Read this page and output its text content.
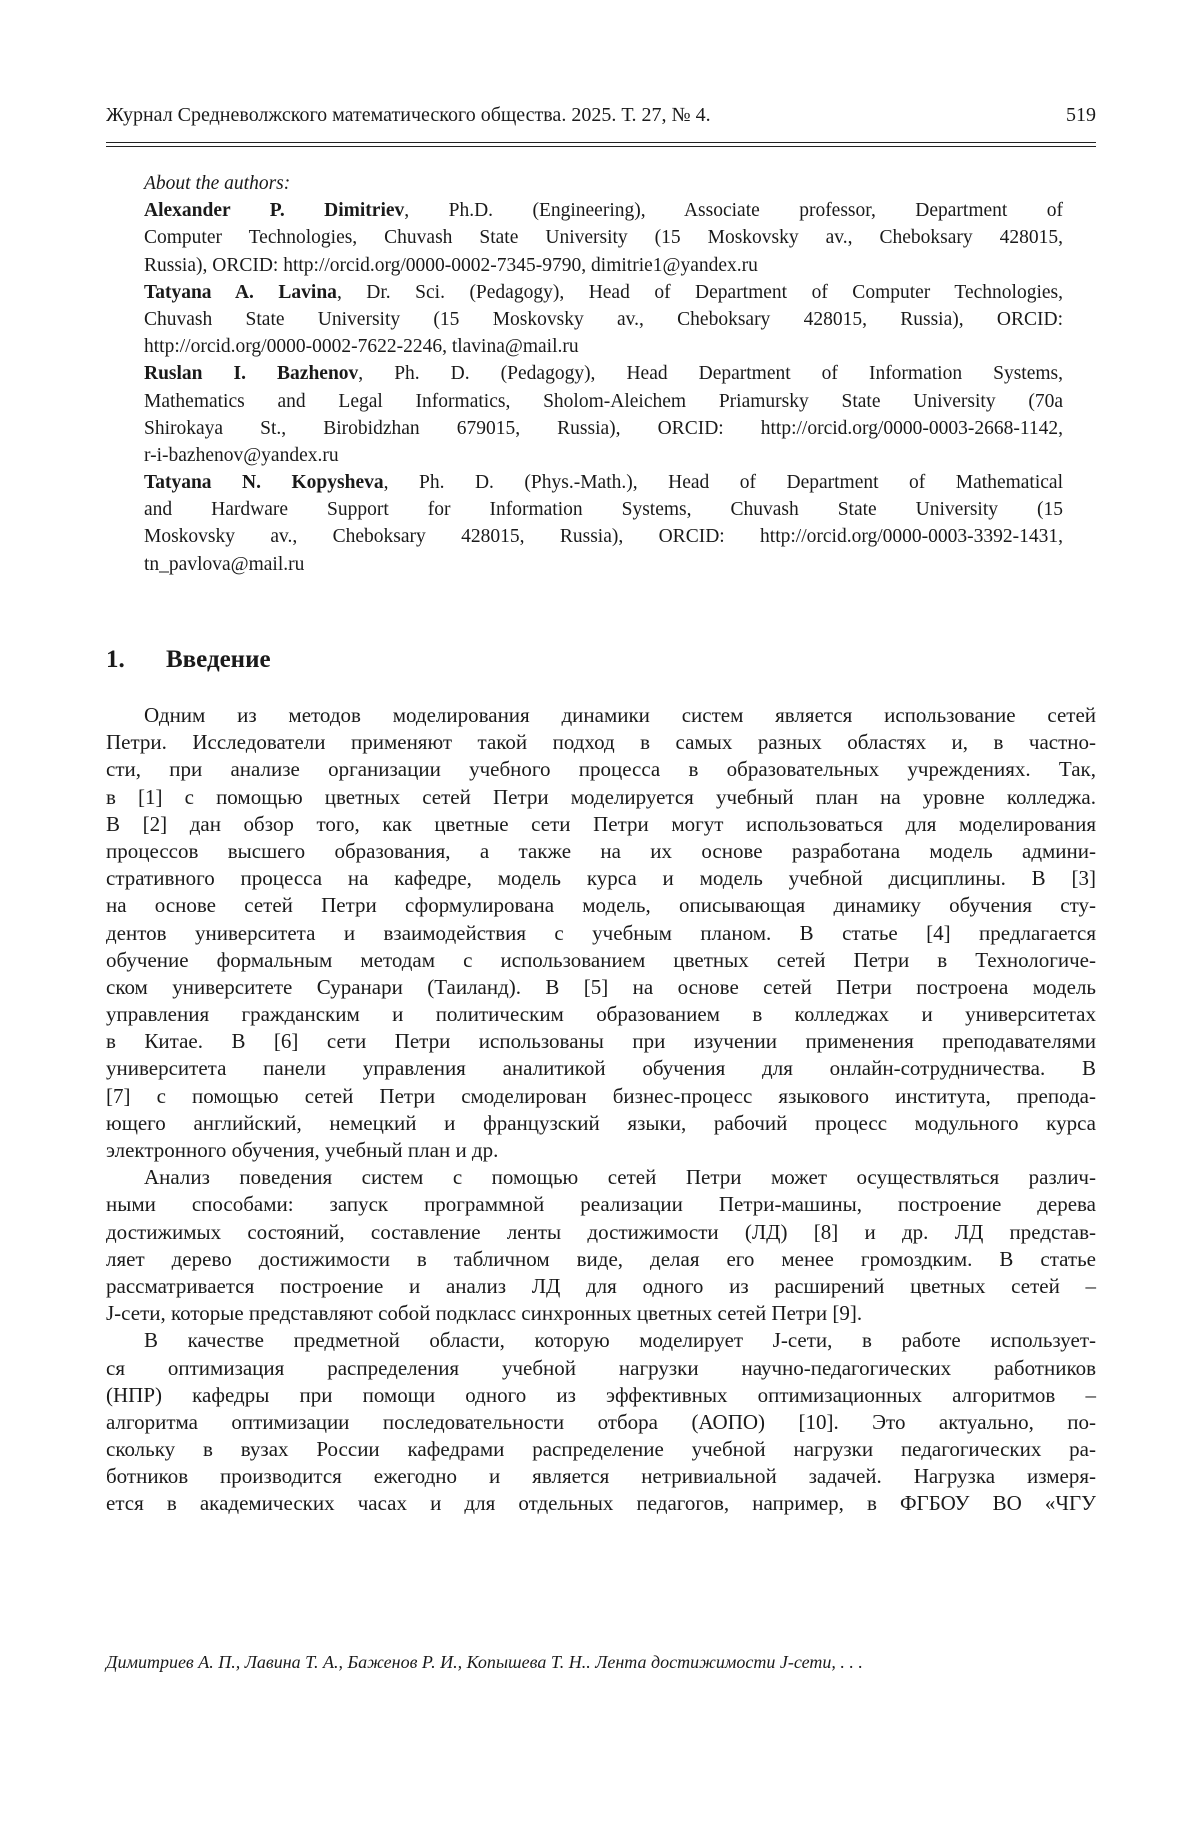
Журнал Средневолжского математического общества. 2025. Т. 27, № 4.	519
About the authors:
Alexander P. Dimitriev, Ph.D. (Engineering), Associate professor, Department of
Computer Technologies, Chuvash State University (15 Moskovsky av., Cheboksary 428015,
Russia), ORCID: http://orcid.org/0000-0002-7345-9790, dimitrie1@yandex.ru
Tatyana A. Lavina, Dr. Sci. (Pedagogy), Head of Department of Computer Technologies,
Chuvash State University (15 Moskovsky av., Cheboksary 428015, Russia), ORCID:
http://orcid.org/0000-0002-7622-2246, tlavina@mail.ru
Ruslan I. Bazhenov, Ph. D. (Pedagogy), Head Department of Information Systems,
Mathematics and Legal Informatics, Sholom-Aleichem Priamursky State University (70a
Shirokaya St., Birobidzhan 679015, Russia), ORCID: http://orcid.org/0000-0003-2668-1142,
r-i-bazhenov@yandex.ru
Tatyana N. Kopysheva, Ph. D. (Phys.-Math.), Head of Department of Mathematical
and Hardware Support for Information Systems, Chuvash State University (15
Moskovsky av., Cheboksary 428015, Russia), ORCID: http://orcid.org/0000-0003-3392-1431,
tn_pavlova@mail.ru
1. Введение
Одним из методов моделирования динамики систем является использование сетей
Петри. Исследователи применяют такой подход в самых разных областях и, в частно-
сти, при анализе организации учебного процесса в образовательных учреждениях. Так,
в [1] с помощью цветных сетей Петри моделируется учебный план на уровне колледжа.
В [2] дан обзор того, как цветные сети Петри могут использоваться для моделирования
процессов высшего образования, а также на их основе разработана модель админи-
стративного процесса на кафедре, модель курса и модель учебной дисциплины. В [3]
на основе сетей Петри сформулирована модель, описывающая динамику обучения сту-
дентов университета и взаимодействия с учебным планом. В статье [4] предлагается
обучение формальным методам с использованием цветных сетей Петри в Технологиче-
ском университете Суранари (Таиланд). В [5] на основе сетей Петри построена модель
управления гражданским и политическим образованием в колледжах и университетах
в Китае. В [6] сети Петри использованы при изучении применения преподавателями
университета панели управления аналитикой обучения для онлайн-сотрудничества. В
[7] с помощью сетей Петри смоделирован бизнес-процесс языкового института, препода-
ющего английский, немецкий и французский языки, рабочий процесс модульного курса
электронного обучения, учебный план и др.
Анализ поведения систем с помощью сетей Петри может осуществляться различ-
ными способами: запуск программной реализации Петри-машины, построение дерева
достижимых состояний, составление ленты достижимости (ЛД) [8] и др. ЛД представ-
ляет дерево достижимости в табличном виде, делая его менее громоздким. В статье
рассматривается построение и анализ ЛД для одного из расширений цветных сетей –
J-сети, которые представляют собой подкласс синхронных цветных сетей Петри [9].
В качестве предметной области, которую моделирует J-сети, в работе использует-
ся оптимизация распределения учебной нагрузки научно-педагогических работников
(НПР) кафедры при помощи одного из эффективных оптимизационных алгоритмов –
алгоритма оптимизации последовательности отбора (АОПО) [10]. Это актуально, по-
скольку в вузах России кафедрами распределение учебной нагрузки педагогических ра-
ботников производится ежегодно и является нетривиальной задачей. Нагрузка измеря-
ется в академических часах и для отдельных педагогов, например, в ФГБОУ ВО «ЧГУ
Димитриев А. П., Лавина Т. А., Баженов Р. И., Копышева Т. Н.. Лента достижимости J-сети, . . .
